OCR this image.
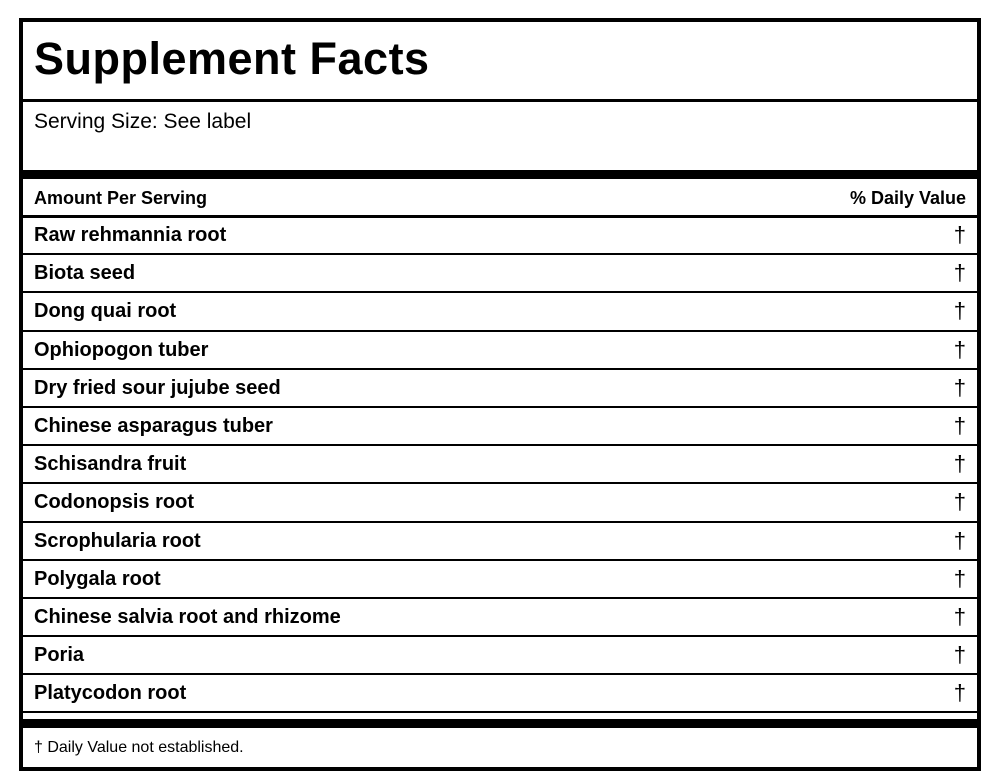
Supplement Facts
Serving Size: See label
Amount Per Serving	% Daily Value
Raw rehmannia root	†
Biota seed	†
Dong quai root	†
Ophiopogon tuber	†
Dry fried sour jujube seed	†
Chinese asparagus tuber	†
Schisandra fruit	†
Codonopsis root	†
Scrophularia root	†
Polygala root	†
Chinese salvia root and rhizome	†
Poria	†
Platycodon root	†
† Daily Value not established.
